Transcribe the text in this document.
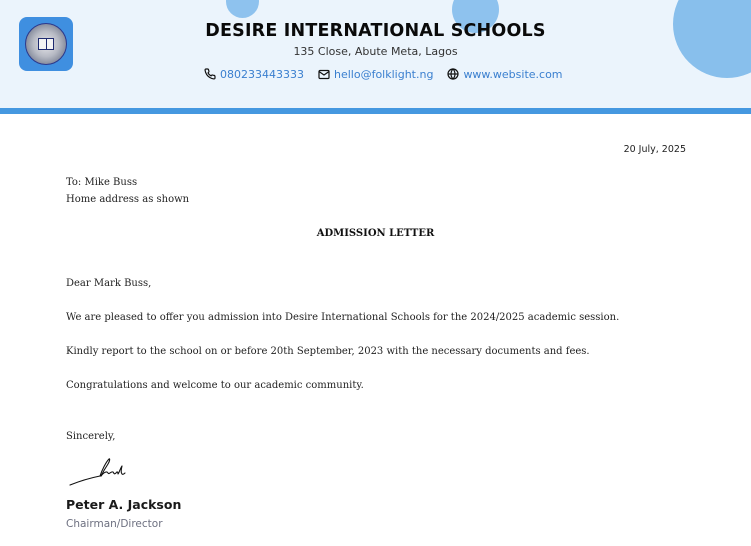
DESIRE INTERNATIONAL SCHOOLS
135 Close, Abute Meta, Lagos
080233443333	hello@folklight.ng	www.website.com
20 July, 2025
To: Mike Buss
Home address as shown
ADMISSION LETTER
Dear Mark Buss,
We are pleased to offer you admission into Desire International Schools for the 2024/2025 academic session.
Kindly report to the school on or before 20th September, 2023 with the necessary documents and fees.
Congratulations and welcome to our academic community.
Sincerely,
Peter A. Jackson
Chairman/Director
